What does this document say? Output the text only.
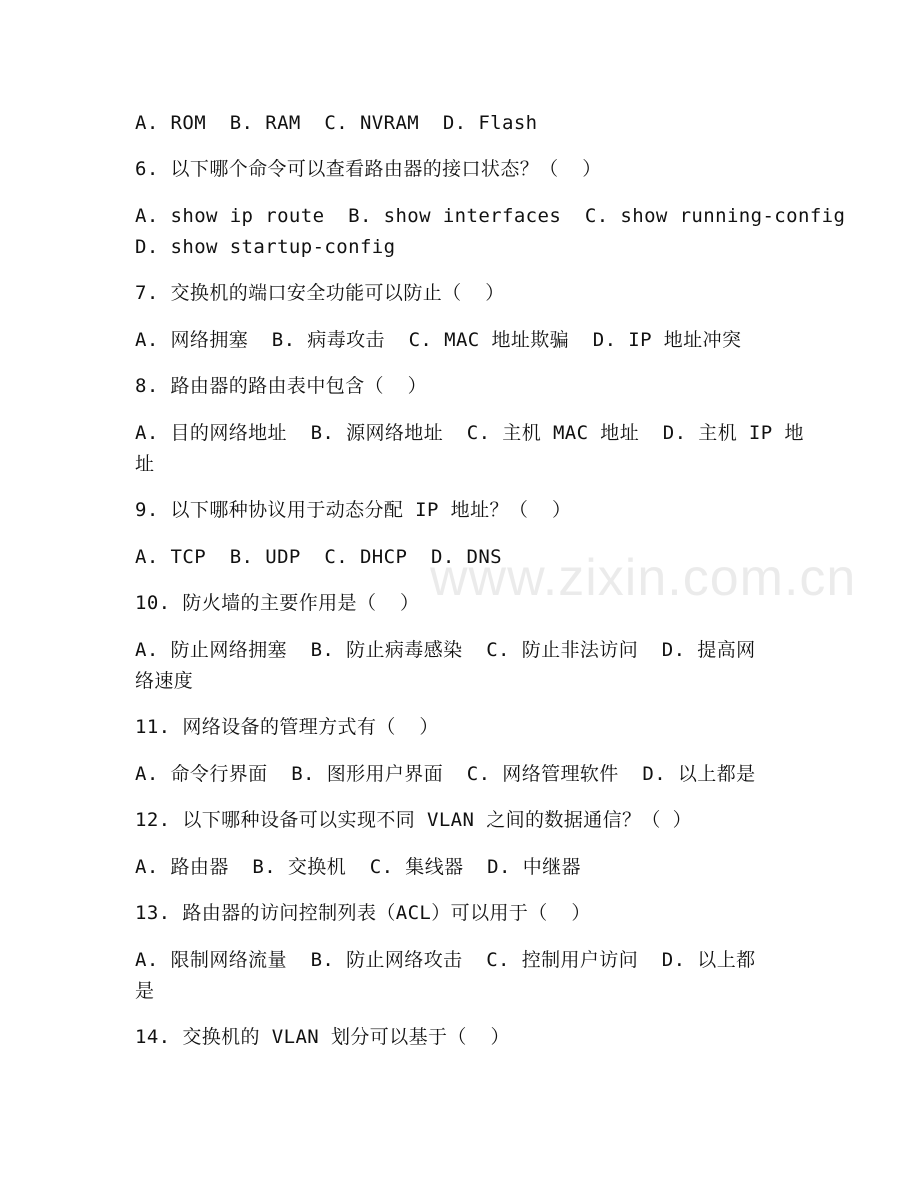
www.zixin.com.cn
A. ROM  B. RAM  C. NVRAM  D. Flash
6. 以下哪个命令可以查看路由器的接口状态？（  ）
A. show ip route  B. show interfaces  C. show running-config
D. show startup-config
7. 交换机的端口安全功能可以防止（  ）
A. 网络拥塞  B. 病毒攻击  C. MAC 地址欺骗  D. IP 地址冲突
8. 路由器的路由表中包含（  ）
A. 目的网络地址  B. 源网络地址  C. 主机 MAC 地址  D. 主机 IP 地
址
9. 以下哪种协议用于动态分配 IP 地址？（  ）
A. TCP  B. UDP  C. DHCP  D. DNS
10. 防火墙的主要作用是（  ）
A. 防止网络拥塞  B. 防止病毒感染  C. 防止非法访问  D. 提高网
络速度
11. 网络设备的管理方式有（  ）
A. 命令行界面  B. 图形用户界面  C. 网络管理软件  D. 以上都是
12. 以下哪种设备可以实现不同 VLAN 之间的数据通信？（ ）
A. 路由器  B. 交换机  C. 集线器  D. 中继器
13. 路由器的访问控制列表（ACL）可以用于（  ）
A. 限制网络流量  B. 防止网络攻击  C. 控制用户访问  D. 以上都
是
14. 交换机的 VLAN 划分可以基于（  ）
